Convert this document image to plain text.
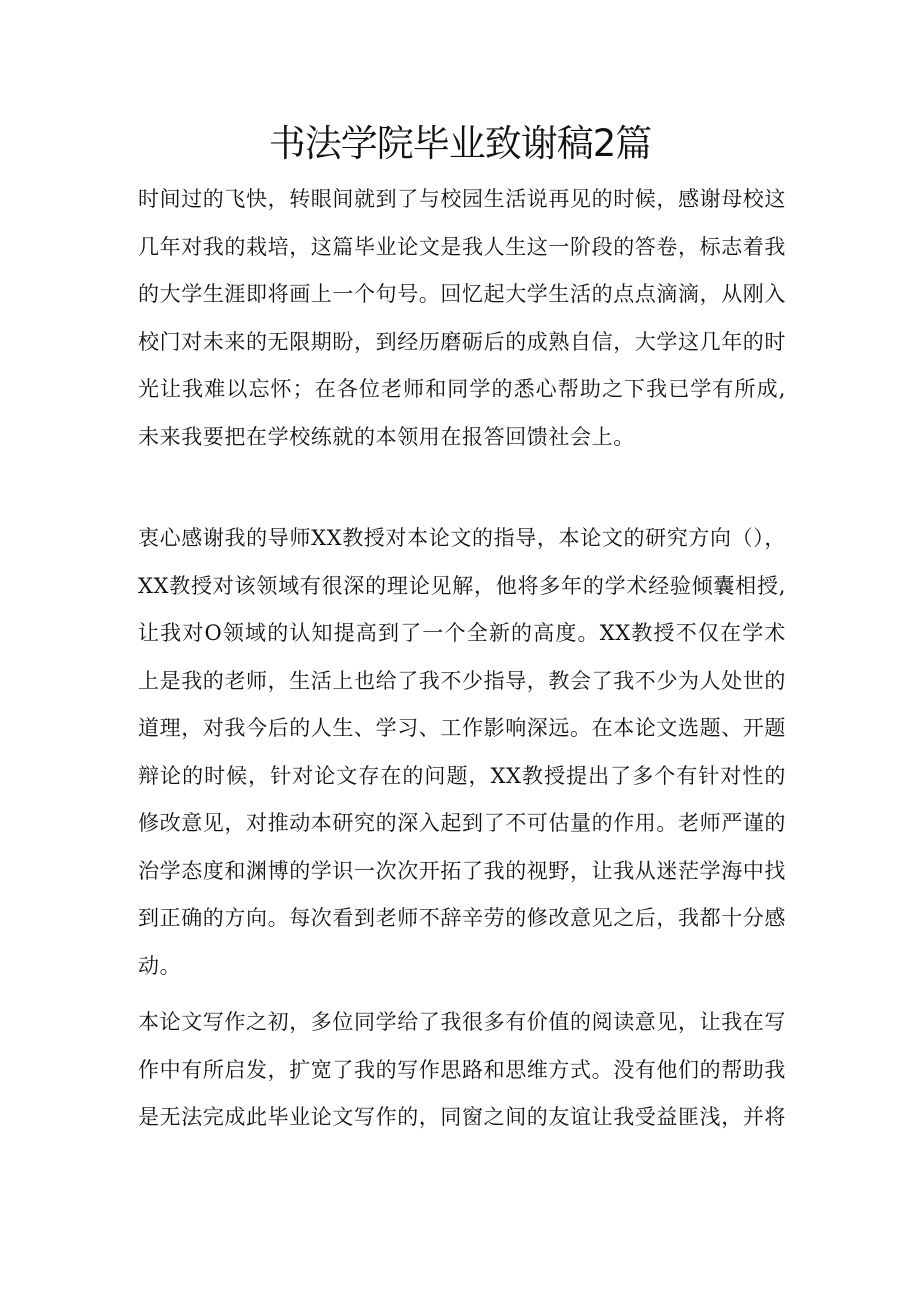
书法学院毕业致谢稿2篇

时间过的飞快，转眼间就到了与校园生活说再见的时候，感谢母校这几年对我的栽培，这篇毕业论文是我人生这一阶段的答卷，标志着我的大学生涯即将画上一个句号。回忆起大学生活的点点滴滴，从刚入校门对未来的无限期盼，到经历磨砺后的成熟自信，大学这几年的时光让我难以忘怀；在各位老师和同学的悉心帮助之下我已学有所成,未来我要把在学校练就的本领用在报答回馈社会上。

衷心感谢我的导师XX教授对本论文的指导，本论文的研究方向（），XX教授对该领域有很深的理论见解，他将多年的学术经验倾囊相授,让我对O领域的认知提高到了一个全新的高度。XX教授不仅在学术上是我的老师，生活上也给了我不少指导，教会了我不少为人处世的道理，对我今后的人生、学习、工作影响深远。在本论文选题、开题辩论的时候，针对论文存在的问题，XX教授提出了多个有针对性的修改意见，对推动本研究的深入起到了不可估量的作用。老师严谨的治学态度和渊博的学识一次次开拓了我的视野，让我从迷茫学海中找到正确的方向。每次看到老师不辞辛劳的修改意见之后，我都十分感动。

本论文写作之初，多位同学给了我很多有价值的阅读意见，让我在写作中有所启发，扩宽了我的写作思路和思维方式。没有他们的帮助我是无法完成此毕业论文写作的，同窗之间的友谊让我受益匪浅，并将
